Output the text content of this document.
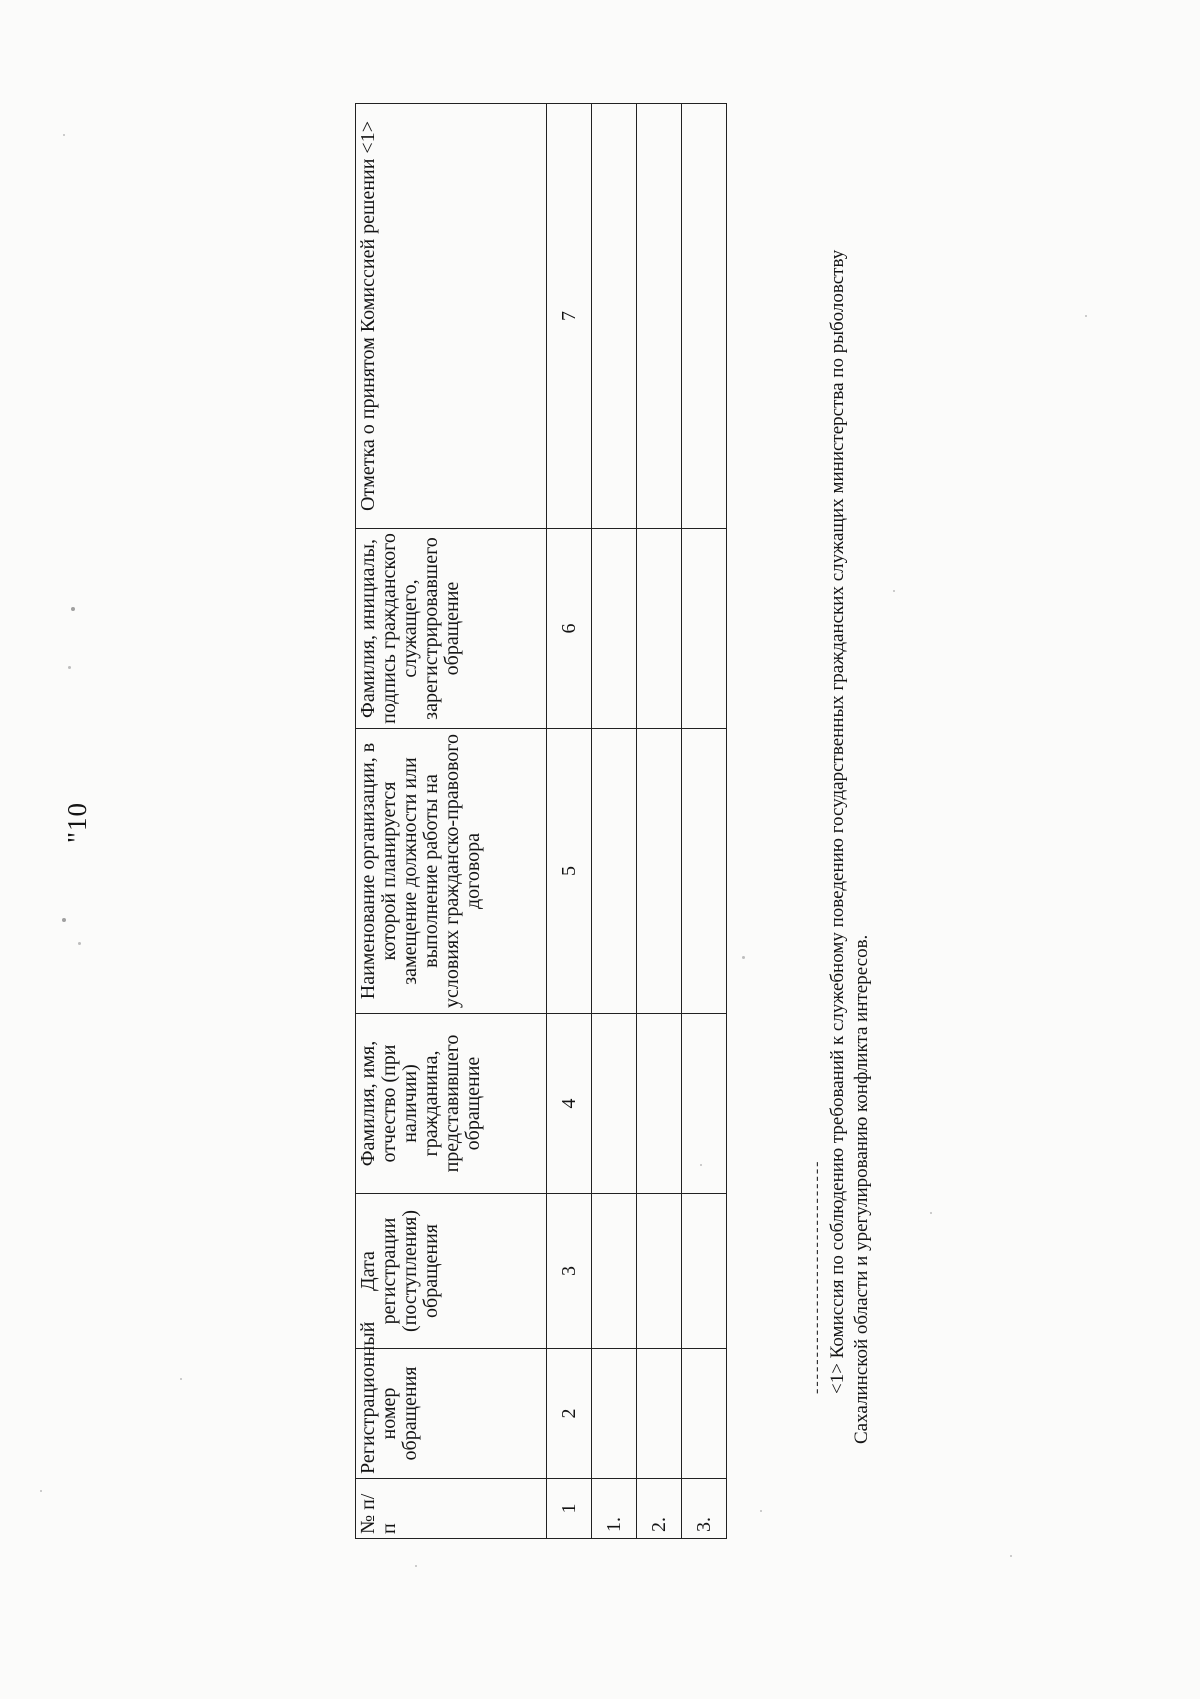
"10
№ п/п	Регистрационный номер обращения	Дата регистрации (поступления) обращения	Фамилия, имя, отчество (при наличии) гражданина, представившего обращение	Наименование организации, в которой планируется замещение должности или выполнение работы на условиях гражданско-правового договора	Фамилия, инициалы, подпись гражданского служащего, зарегистрировавшего обращение	Отметка о принятом Комиссией решении <1>
1	2	3	4	5	6	7
1.						
2.						
3.						
-------------------------------- <1> Комиссия по соблюдению требований к служебному поведению государственных гражданских служащих министерства по рыболовству Сахалинской области и урегулированию конфликта интересов.
